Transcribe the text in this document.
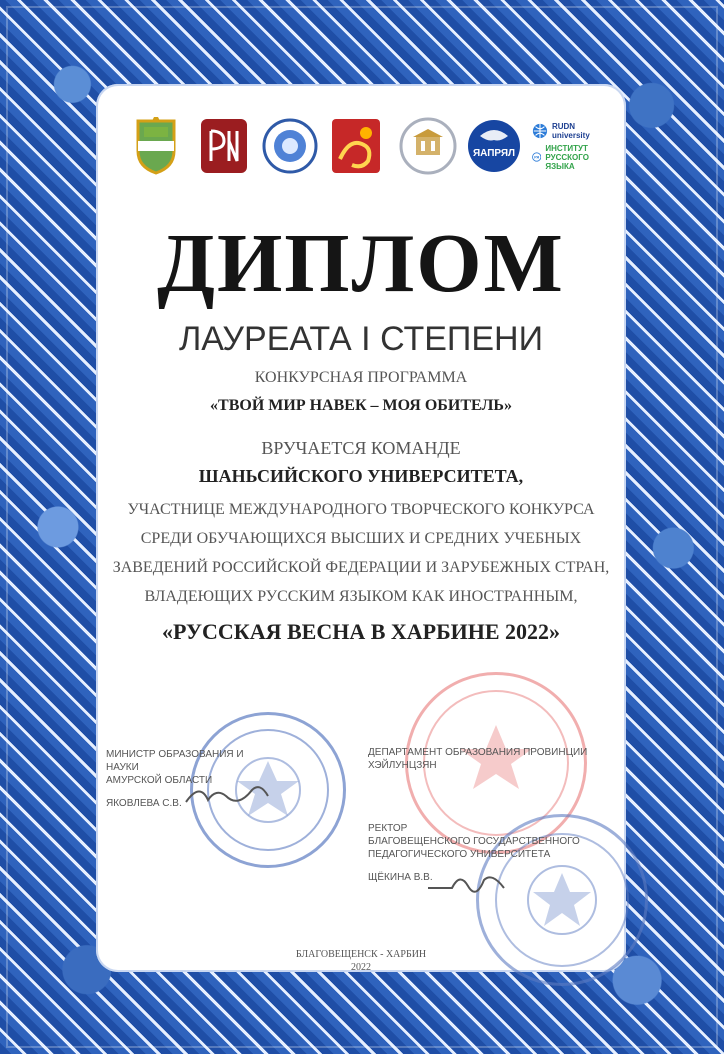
ЯАПРЯЛ
RUDN university
РЯ
ИНСТИТУТ РУССКОГО ЯЗЫКА
ДИПЛОМ
ЛАУРЕАТА I СТЕПЕНИ
КОНКУРСНАЯ ПРОГРАММА
«ТВОЙ МИР НАВЕК – МОЯ ОБИТЕЛЬ»
ВРУЧАЕТСЯ КОМАНДЕ
ШАНЬСИЙСКОГО УНИВЕРСИТЕТА,
УЧАСТНИЦЕ МЕЖДУНАРОДНОГО ТВОРЧЕСКОГО КОНКУРСА
СРЕДИ ОБУЧАЮЩИХСЯ ВЫСШИХ И СРЕДНИХ УЧЕБНЫХ
ЗАВЕДЕНИЙ РОССИЙСКОЙ ФЕДЕРАЦИИ И ЗАРУБЕЖНЫХ СТРАН,
ВЛАДЕЮЩИХ РУССКИМ ЯЗЫКОМ КАК ИНОСТРАННЫМ,
«РУССКАЯ ВЕСНА В ХАРБИНЕ 2022»
МИНИСТР ОБРАЗОВАНИЯ И НАУКИ
АМУРСКОЙ ОБЛАСТИ
ЯКОВЛЕВА С.В.
ДЕПАРТАМЕНТ ОБРАЗОВАНИЯ ПРОВИНЦИИ
ХЭЙЛУНЦЗЯН
РЕКТОР
БЛАГОВЕЩЕНСКОГО ГОСУДАРСТВЕННОГО
ПЕДАГОГИЧЕСКОГО УНИВЕРСИТЕТА
ЩЁКИНА В.В.
БЛАГОВЕЩЕНСК - ХАРБИН
2022
